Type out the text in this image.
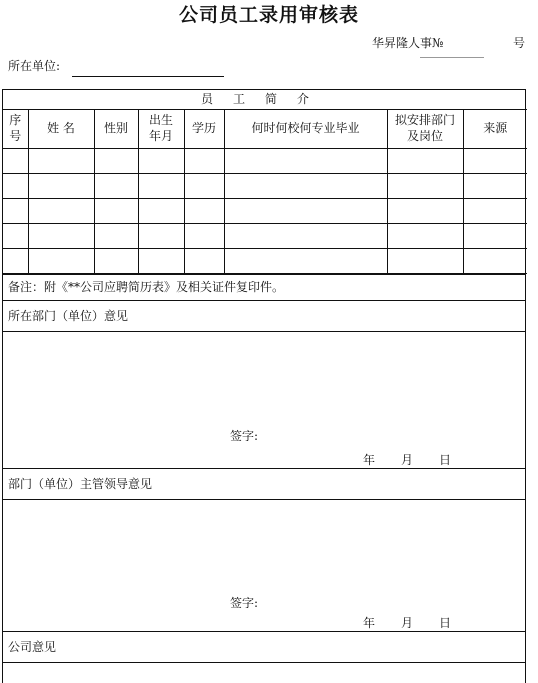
公司员工录用审核表
华昇隆人事№	号
所在单位:
员工简介							
序号	姓 名	性别	出生年月	学历	何时何校何专业毕业	拟安排部门及岗位	来源

备注：附《**公司应聘简历表》及相关证件复印件。
所在部门（单位）意见
签字:
年 月 日
部门（单位）主管领导意见
签字:
年 月 日
公司意见
